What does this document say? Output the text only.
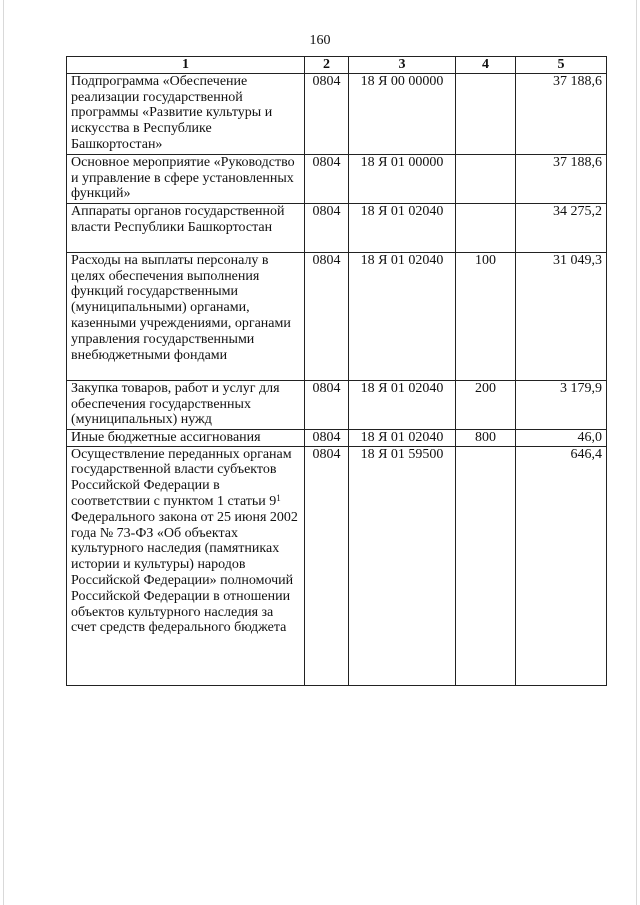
160
1	2	3	4	5
Подпрограмма «Обеспечение реализации государственной программы «Развитие культуры и искусства в Республике Башкортостан»	0804	18 Я 00 00000		37 188,6
Основное мероприятие «Руководство и управление в сфере установленных функций»	0804	18 Я 01 00000		37 188,6
Аппараты органов государственной власти Республики Башкортостан	0804	18 Я 01 02040		34 275,2
Расходы на выплаты персоналу в целях обеспечения выполнения функций государственными (муниципальными) органами, казенными учреждениями, органами управления государственными внебюджетными фондами	0804	18 Я 01 02040	100	31 049,3
Закупка товаров, работ и услуг для обеспечения государственных (муниципальных) нужд	0804	18 Я 01 02040	200	3 179,9
Иные бюджетные ассигнования	0804	18 Я 01 02040	800	46,0
Осуществление переданных органам государственной власти субъектов Российской Федерации в соответствии с пунктом 1 статьи $9^1$ Федерального закона от 25 июня 2002 года № 73-ФЗ «Об объектах культурного наследия (памятниках истории и культуры) народов Российской Федерации» полномочий Российской Федерации в отношении объектов культурного наследия за счет средств федерального бюджета	0804	18 Я 01 59500		646,4
